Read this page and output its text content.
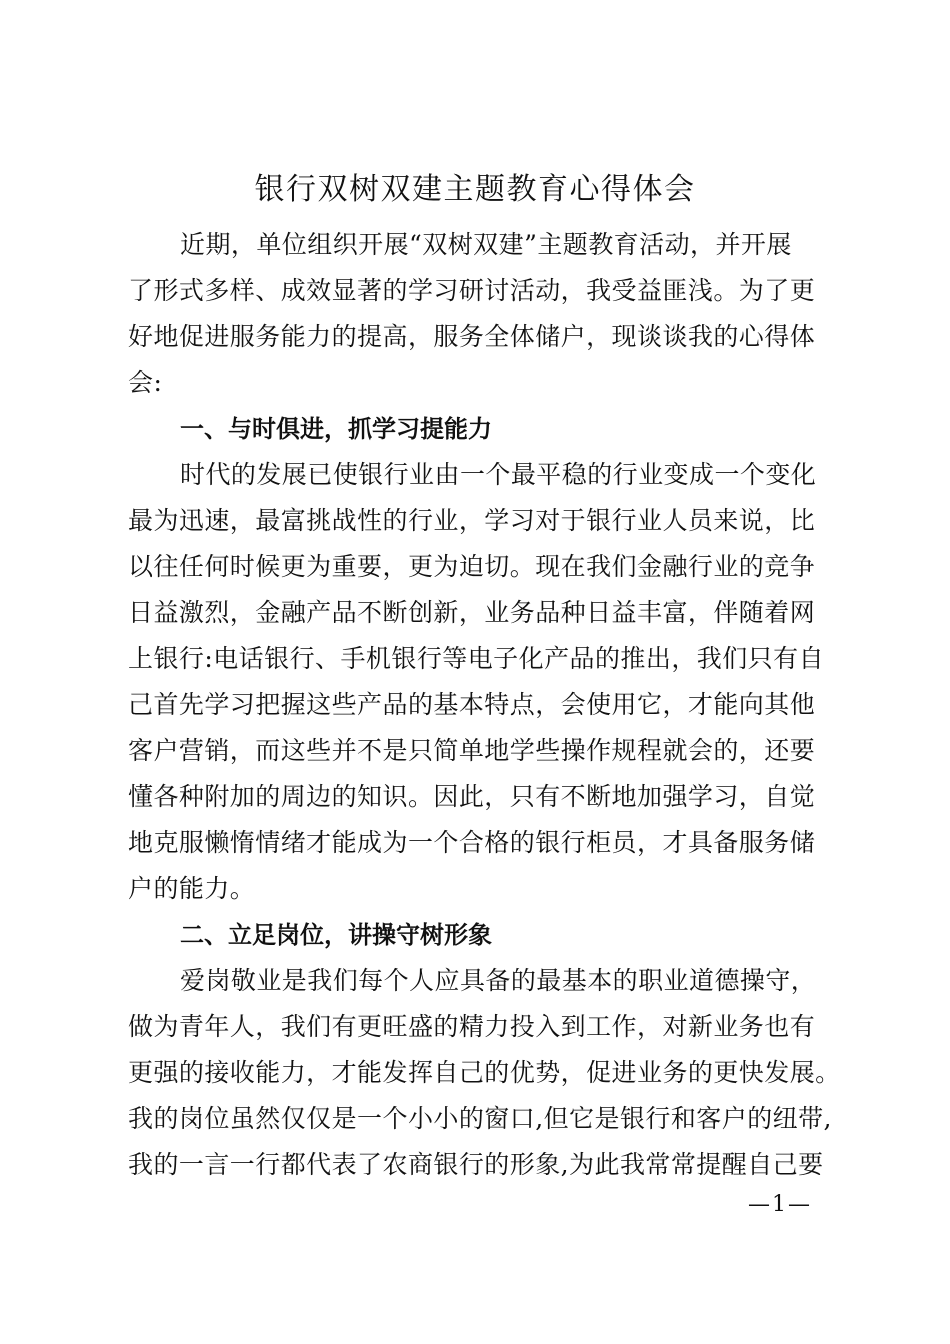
银行双树双建主题教育心得体会
近期，单位组织开展“双树双建”主题教育活动，并开展
了形式多样、成效显著的学习研讨活动，我受益匪浅。为了更
好地促进服务能力的提高，服务全体储户，现谈谈我的心得体
会:
一、与时俱进，抓学习提能力
时代的发展已使银行业由一个最平稳的行业变成一个变化
最为迅速，最富挑战性的行业，学习对于银行业人员来说，比
以往任何时候更为重要，更为迫切。现在我们金融行业的竞争
日益激烈，金融产品不断创新，业务品种日益丰富，伴随着网
上银行:电话银行、手机银行等电子化产品的推出，我们只有自
己首先学习把握这些产品的基本特点，会使用它，才能向其他
客户营销，而这些并不是只简单地学些操作规程就会的，还要
懂各种附加的周边的知识。因此，只有不断地加强学习，自觉
地克服懒惰情绪才能成为一个合格的银行柜员，才具备服务储
户的能力。
二、立足岗位，讲操守树形象
爱岗敬业是我们每个人应具备的最基本的职业道德操守，
做为青年人，我们有更旺盛的精力投入到工作，对新业务也有
更强的接收能力，才能发挥自己的优势，促进业务的更快发展。
我的岗位虽然仅仅是一个小小的窗口,但它是银行和客户的纽带,
我的一言一行都代表了农商银行的形象,为此我常常提醒自己要
—1—
